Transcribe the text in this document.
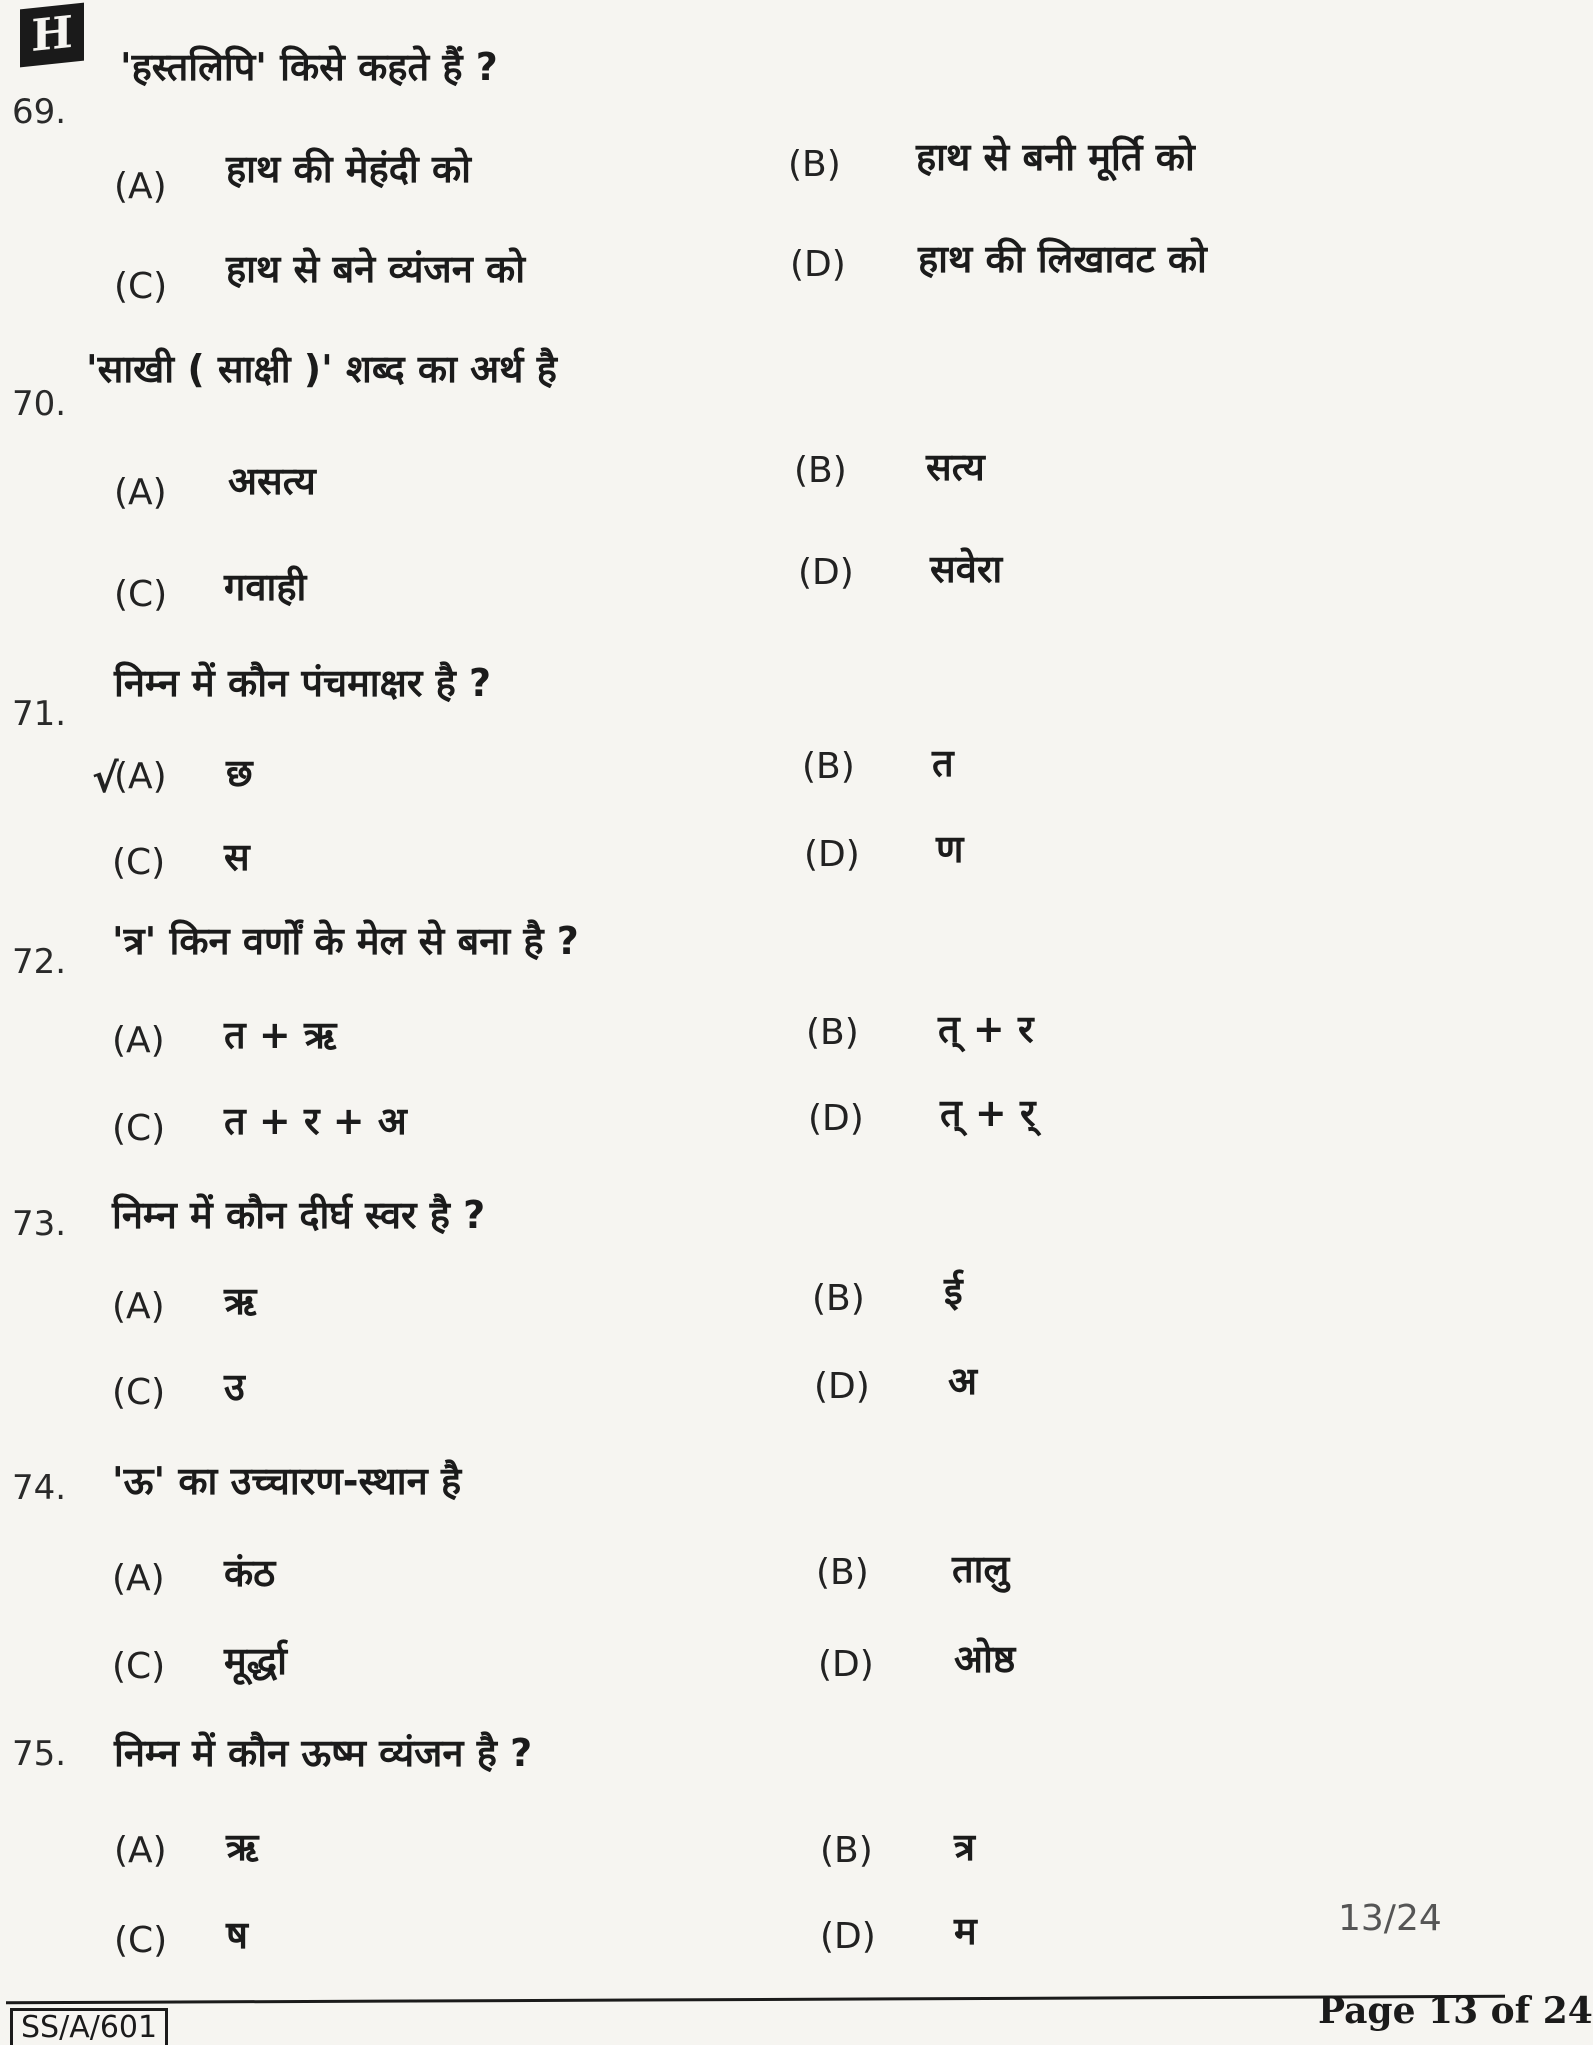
H
69.
'हस्तलिपि' किसे कहते हैं ?
(A) हाथ की मेहंदी को	(B) हाथ से बनी मूर्ति को
(C) हाथ से बने व्यंजन को	(D) हाथ की लिखावट को
70.
'साखी ( साक्षी )' शब्द का अर्थ है
(A) असत्य	(B) सत्य
(C) गवाही	(D) सवेरा
71.
निम्न में कौन पंचमाक्षर है ?
√
(A) छ	(B) त
(C) स	(D) ण
72. 'त्र' किन वर्णों के मेल से बना है ?
(A) त + ऋ	(B) त् + र
(C) त + र + अ	(D) त् + र्
73. निम्न में कौन दीर्घ स्वर है ?
(A) ऋ	(B) ई
(C) उ	(D) अ
74. 'ऊ' का उच्चारण-स्थान है
(A) कंठ	(B) तालु
(C) मूर्द्धा	(D) ओष्ठ
75. निम्न में कौन ऊष्म व्यंजन है ?
(A) ऋ	(B) त्र
(C) ष	(D) म	13/24
SS/A/601	Page 13 of 24
